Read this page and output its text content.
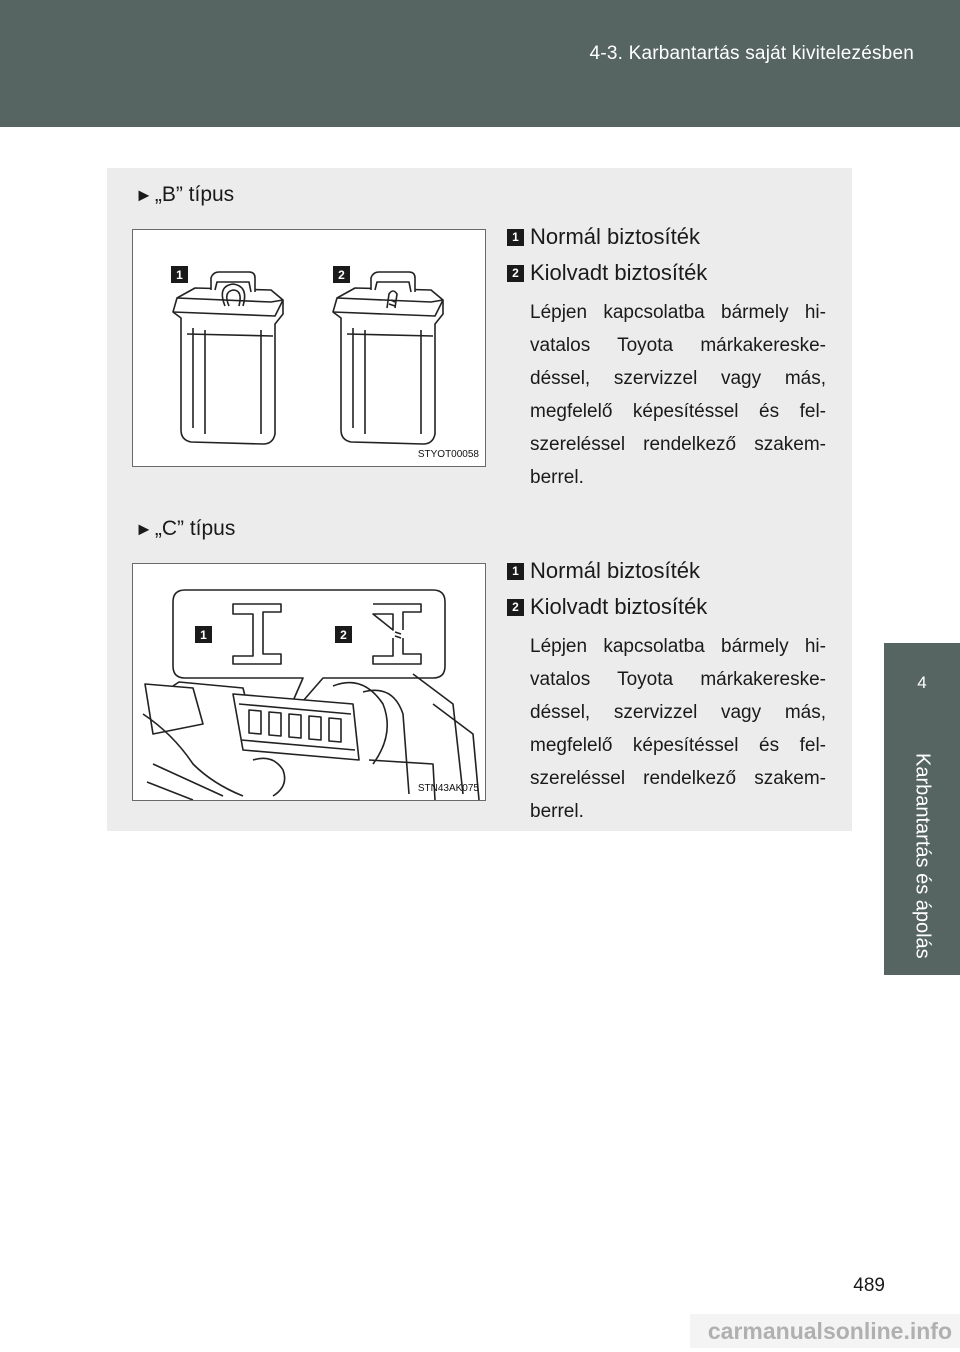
4-3. Karbantartás saját kivitelezésben
4
Karbantartás és ápolás
►„B” típus
1	2
STYOT00058
1 Normál biztosíték
2 Kiolvadt biztosíték
Lépjen kapcsolatba bármely hivatalos Toyota márkakereskedéssel, szervizzel vagy más, megfelelő képesítéssel és felszereléssel rendelkező szakemberrel.
►„C” típus
1	2
STN43AK075
1 Normál biztosíték
2 Kiolvadt biztosíték
Lépjen kapcsolatba bármely hivatalos Toyota márkakereskedéssel, szervizzel vagy más, megfelelő képesítéssel és felszereléssel rendelkező szakemberrel.
489
carmanualsonline.info
